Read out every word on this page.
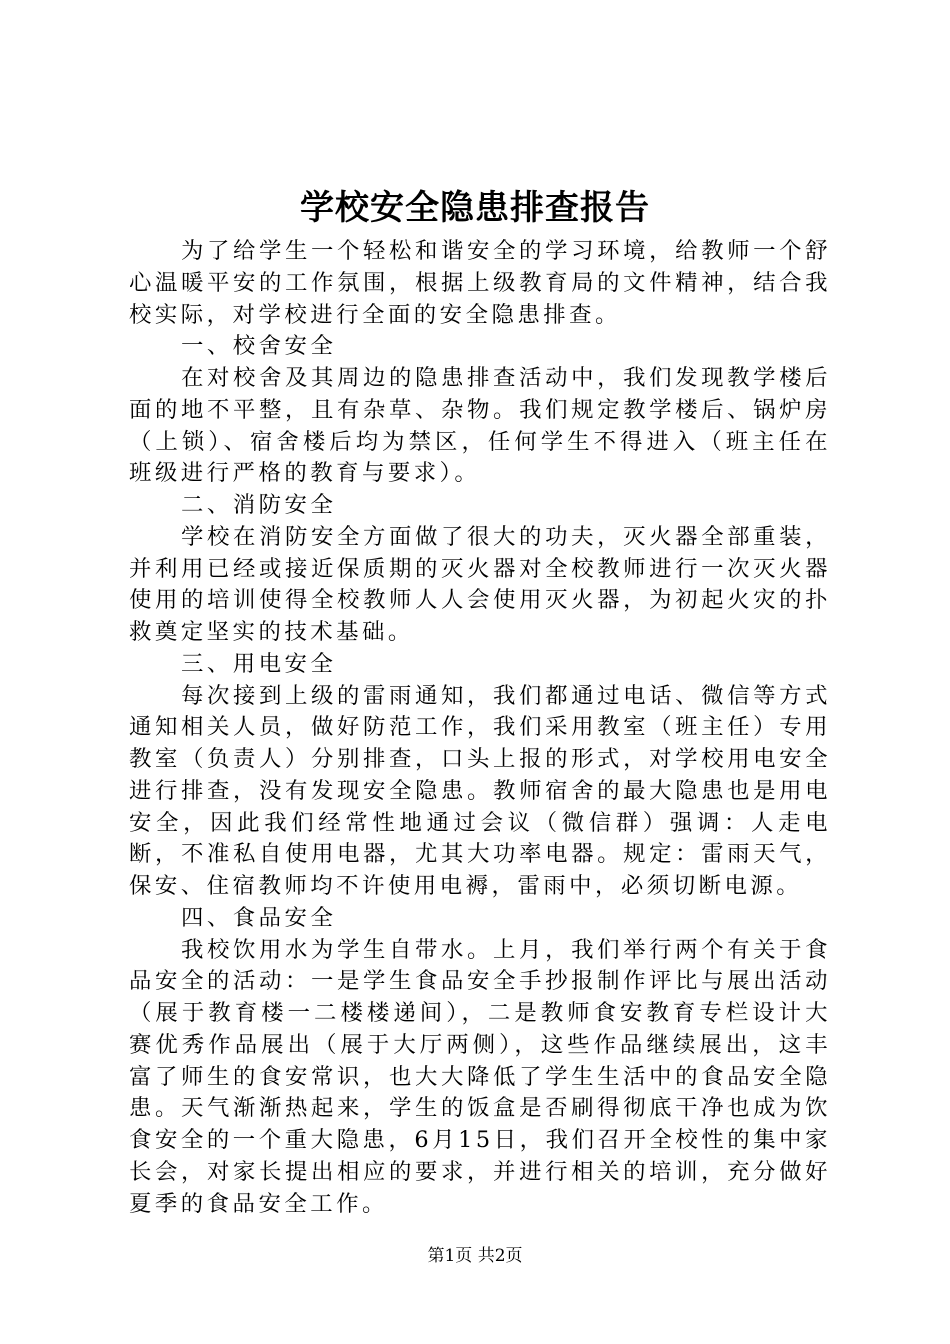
学校安全隐患排查报告

为了给学生一个轻松和谐安全的学习环境，给教师一个舒心温暖平安的工作氛围，根据上级教育局的文件精神，结合我校实际，对学校进行全面的安全隐患排查。

一、校舍安全

在对校舍及其周边的隐患排查活动中，我们发现教学楼后面的地不平整，且有杂草、杂物。我们规定教学楼后、锅炉房（上锁）、宿舍楼后均为禁区，任何学生不得进入（班主任在班级进行严格的教育与要求）。

二、消防安全

学校在消防安全方面做了很大的功夫，灭火器全部重装，并利用已经或接近保质期的灭火器对全校教师进行一次灭火器使用的培训使得全校教师人人会使用灭火器，为初起火灾的扑救奠定坚实的技术基础。

三、用电安全

每次接到上级的雷雨通知，我们都通过电话、微信等方式通知相关人员，做好防范工作，我们采用教室（班主任）专用教室（负责人）分别排查，口头上报的形式，对学校用电安全进行排查，没有发现安全隐患。教师宿舍的最大隐患也是用电安全，因此我们经常性地通过会议（微信群）强调：人走电断，不准私自使用电器，尤其大功率电器。规定：雷雨天气，保安、住宿教师均不许使用电褥，雷雨中，必须切断电源。

四、食品安全

我校饮用水为学生自带水。上月，我们举行两个有关于食品安全的活动：一是学生食品安全手抄报制作评比与展出活动（展于教育楼一二楼楼递间），二是教师食安教育专栏设计大赛优秀作品展出（展于大厅两侧），这些作品继续展出，这丰富了师生的食安常识，也大大降低了学生生活中的食品安全隐患。天气渐渐热起来，学生的饭盒是否刷得彻底干净也成为饮食安全的一个重大隐患，6月15日，我们召开全校性的集中家长会，对家长提出相应的要求，并进行相关的培训，充分做好夏季的食品安全工作。

第1页 共2页
